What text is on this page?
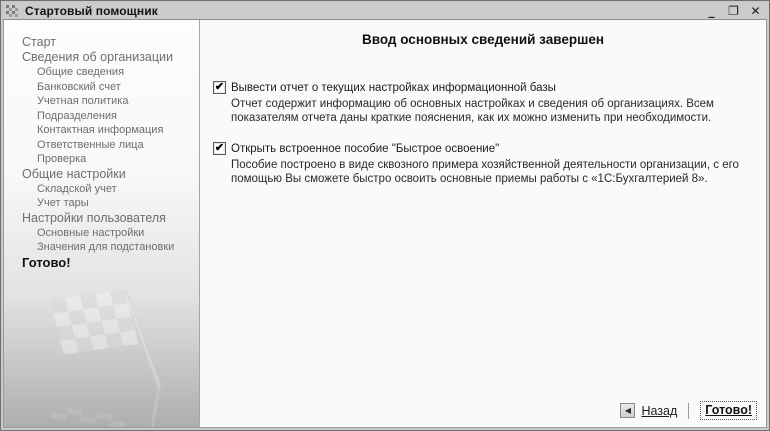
Стартовый помощник	_ ❐ ✕
Старт
Сведения об организации
Общие сведения
Банковский счет
Учетная политика
Подразделения
Контактная информация
Ответственные лица
Проверка
Общие настройки
Складской учет
Учет тары
Настройки пользователя
Основные настройки
Значения для подстановки
Готово!
Ввод основных сведений завершен
✔ Вывести отчет о текущих настройках информационной базы
Отчет содержит информацию об основных настройках и сведения об организациях. Всем показателям отчета даны краткие пояснения, как их можно изменить при необходимости.
✔ Открыть встроенное пособие "Быстрое освоение"
Пособие построено в виде сквозного примера хозяйственной деятельности организации, с его помощью Вы сможете быстро освоить основные приемы работы с «1С:Бухгалтерией 8».
◀ Назад	Готово!
